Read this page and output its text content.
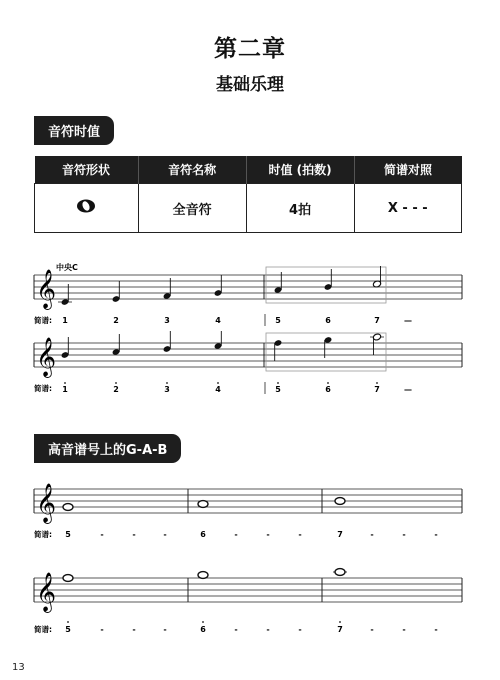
第二章
基础乐理
音符时值
音符形状	音符名称	时值 (拍数)	简谱对照
	全音符	4拍	X - - -
中央C
𝄞
简谱: 1	2	3	4	5	6	7	—
𝄞
简谱: 1	2	3	4	5	6	7	—
高音谱号上的G-A-B
𝄞
简谱: 5	-	-	-	6	-	-	-	7	-	-	-
𝄞
简谱: 5	-	-	-	6	-	-	-	7	-	-	-
13
